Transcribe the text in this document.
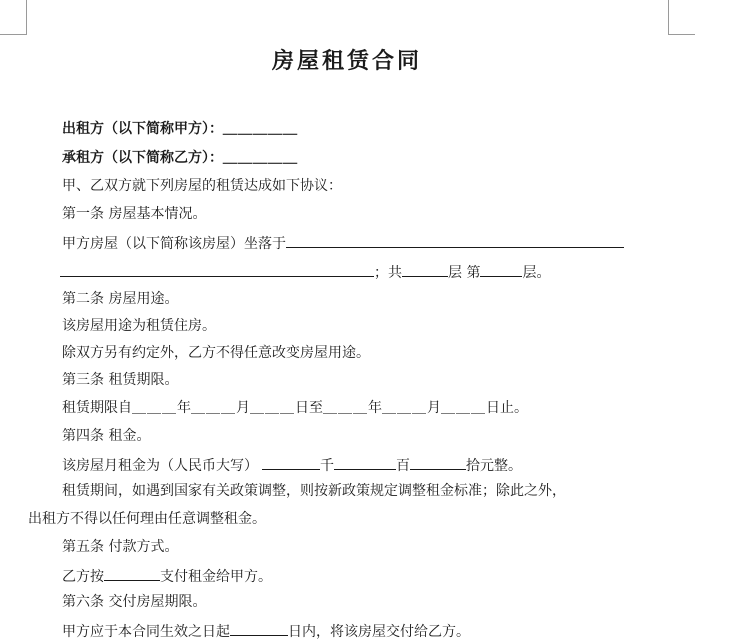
房屋租赁合同
出租方（以下简称甲方）：＿＿＿＿＿
承租方（以下简称乙方）：＿＿＿＿＿
甲、乙双方就下列房屋的租赁达成如下协议：
第一条 房屋基本情况。
甲方房屋（以下简称该房屋）坐落于
；共	层 第	层。
第二条 房屋用途。
该房屋用途为租赁住房。
除双方另有约定外，乙方不得任意改变房屋用途。
第三条 租赁期限。
租赁期限自＿＿＿年＿＿＿月＿＿＿日至＿＿＿年＿＿＿月＿＿＿日止。
第四条 租金。
该房屋月租金为（人民币大写）	千	百	拾元整。
租赁期间，如遇到国家有关政策调整，则按新政策规定调整租金标准；除此之外，
出租方不得以任何理由任意调整租金。
第五条 付款方式。
乙方按	支付租金给甲方。
第六条 交付房屋期限。
甲方应于本合同生效之日起	日内，将该房屋交付给乙方。
